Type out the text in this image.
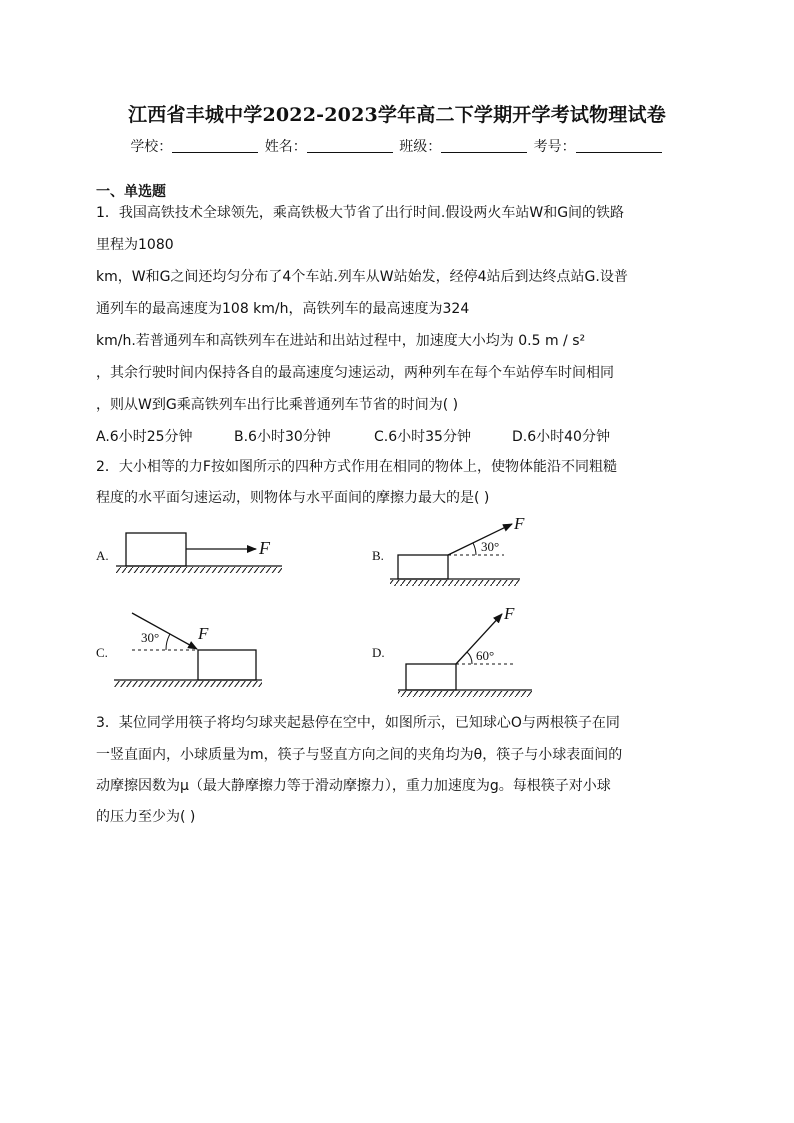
江西省丰城中学2022-2023学年高二下学期开学考试物理试卷
学校：	姓名：	班级：	考号：
一、单选题
1．我国高铁技术全球领先，乘高铁极大节省了出行时间.假设两火车站W和G间的铁路
里程为1080
km，W和G之间还均匀分布了4个车站.列车从W站始发，经停4站后到达终点站G.设普
通列车的最高速度为108 km/h，高铁列车的最高速度为324
km/h.若普通列车和高铁列车在进站和出站过程中，加速度大小均为 0.5 m / s²
，其余行驶时间内保持各自的最高速度匀速运动，两种列车在每个车站停车时间相同
，则从W到G乘高铁列车出行比乘普通列车节省的时间为( )
A.6小时25分钟	B.6小时30分钟	C.6小时35分钟	D.6小时40分钟
2．大小相等的力F按如图所示的四种方式作用在相同的物体上，使物体能沿不同粗糙
程度的水平面匀速运动，则物体与水平面间的摩擦力最大的是( )
A.	F	B.
F
30°
C.
F
30°
D.
F
60°
3．某位同学用筷子将均匀球夹起悬停在空中，如图所示，已知球心O与两根筷子在同
一竖直面内，小球质量为m，筷子与竖直方向之间的夹角均为θ，筷子与小球表面间的
动摩擦因数为μ（最大静摩擦力等于滑动摩擦力），重力加速度为g。每根筷子对小球
的压力至少为( )
